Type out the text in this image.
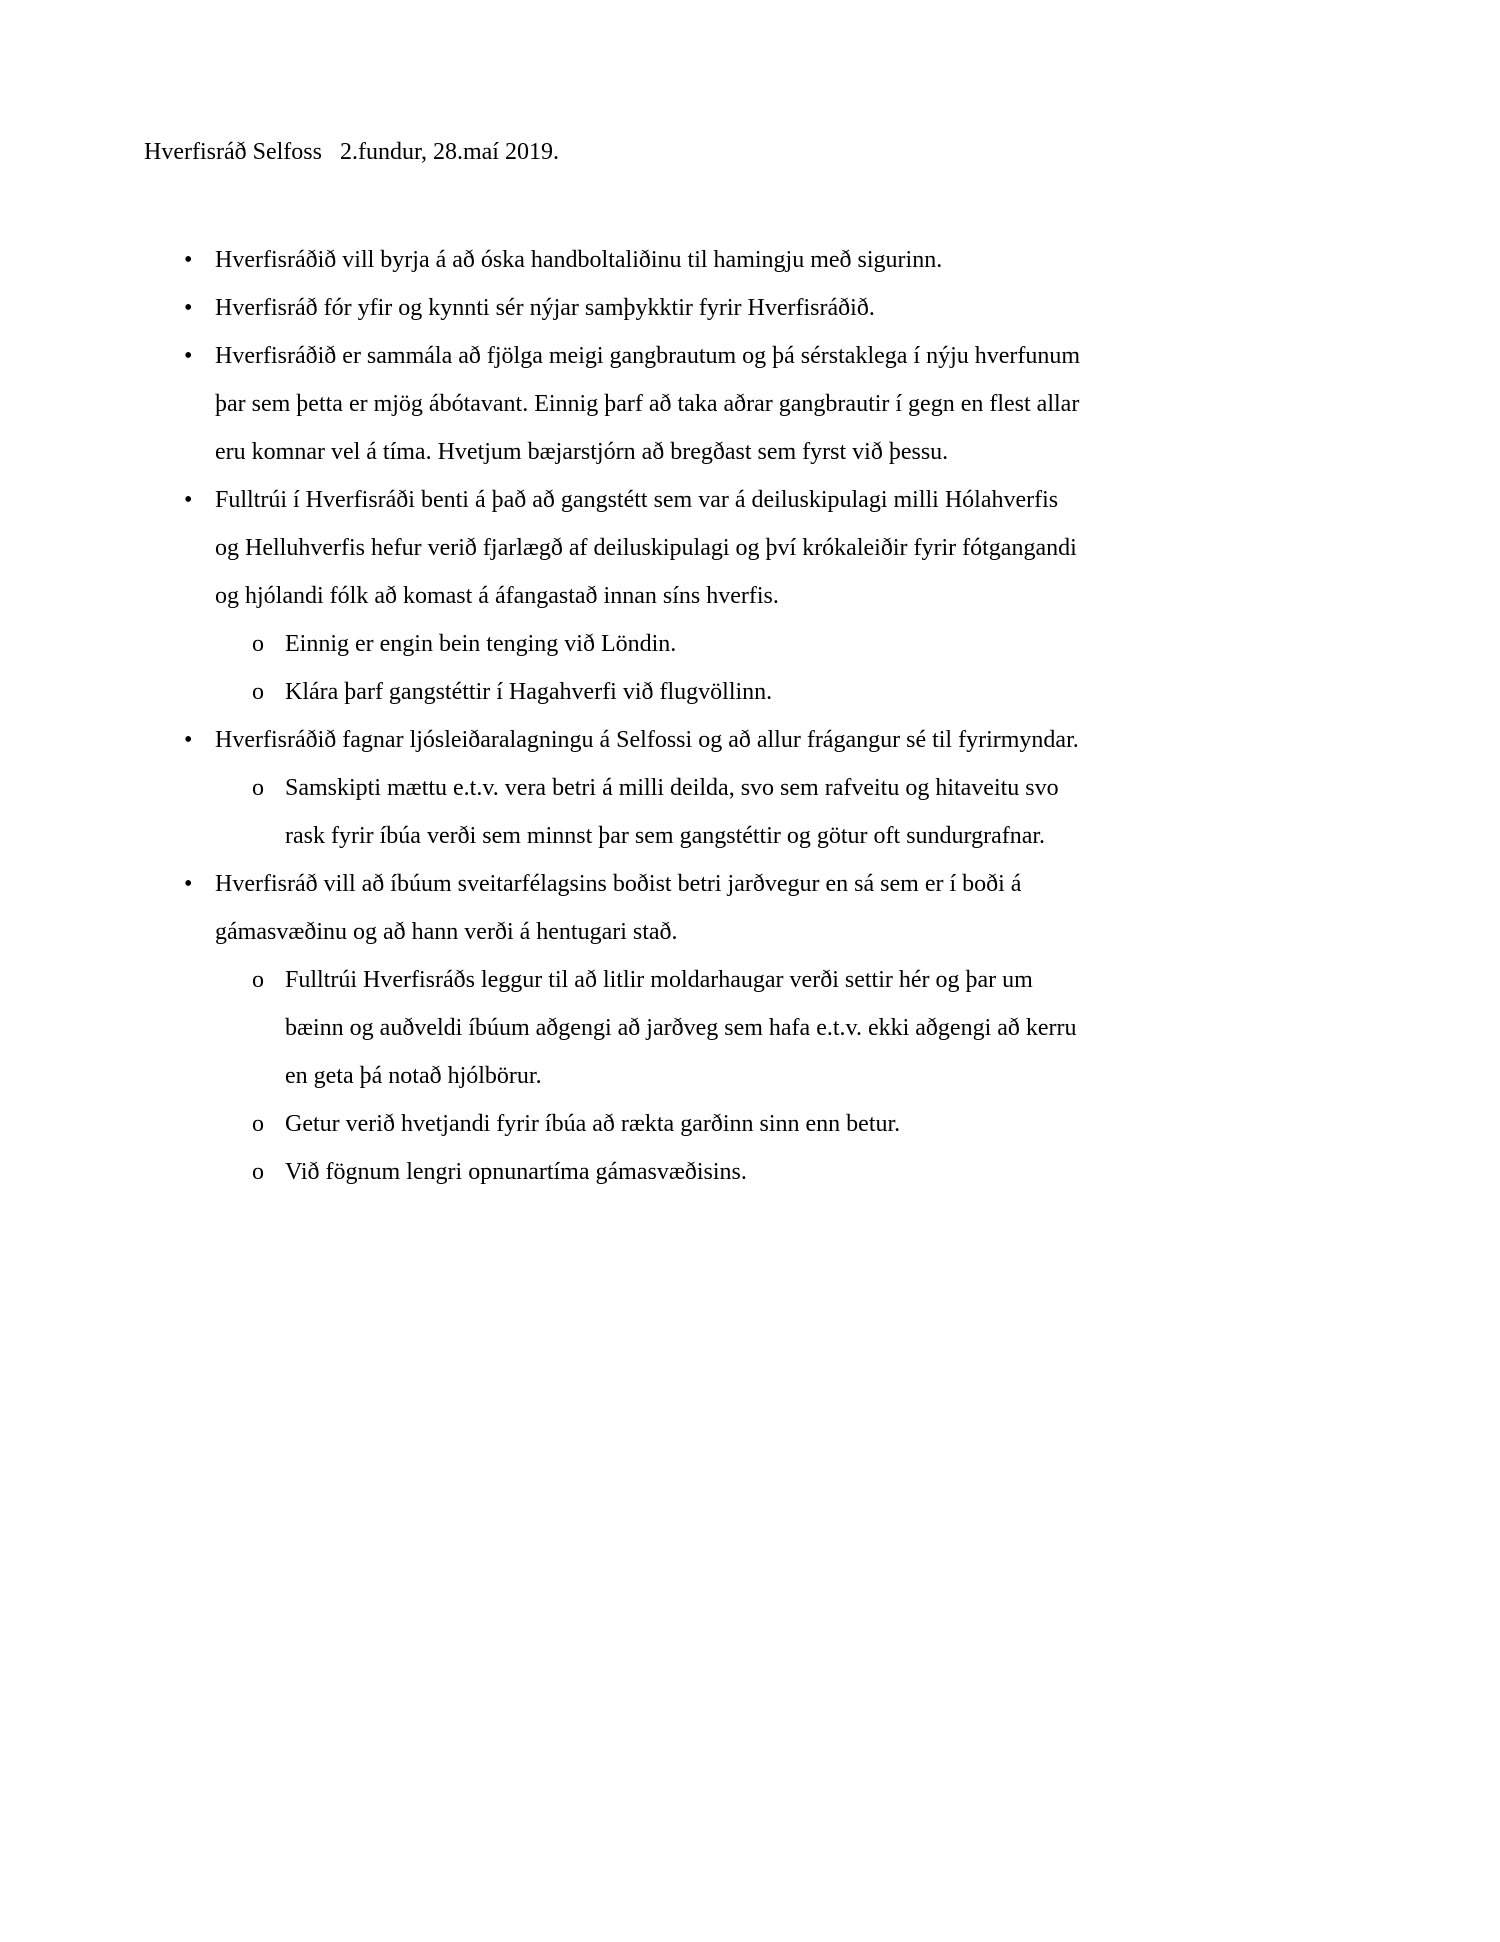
Hverfisráð Selfoss   2.fundur, 28.maí 2019.

• Hverfisráðið vill byrja á að óska handboltaliðinu til hamingju með sigurinn.
• Hverfisráð fór yfir og kynnti sér nýjar samþykktir fyrir Hverfisráðið.
• Hverfisráðið er sammála að fjölga meigi gangbrautum og þá sérstaklega í nýju hverfunum þar sem þetta er mjög ábótavant. Einnig þarf að taka aðrar gangbrautir í gegn en flest allar eru komnar vel á tíma. Hvetjum bæjarstjórn að bregðast sem fyrst við þessu.
• Fulltrúi í Hverfisráði benti á það að gangstétt sem var á deiluskipulagi milli Hólahverfis og Helluhverfis hefur verið fjarlægð af deiluskipulagi og því krókaleiðir fyrir fótgangandi og hjólandi fólk að komast á áfangastað innan síns hverfis.
o Einnig er engin bein tenging við Löndin.
o Klára þarf gangstéttir í Hagahverfi við flugvöllinn.
• Hverfisráðið fagnar ljósleiðaralagningu á Selfossi og að allur frágangur sé til fyrirmyndar.
o Samskipti mættu e.t.v. vera betri á milli deilda, svo sem rafveitu og hitaveitu svo rask fyrir íbúa verði sem minnst þar sem gangstéttir og götur oft sundurgrafnar.
• Hverfisráð vill að íbúum sveitarfélagsins boðist betri jarðvegur en sá sem er í boði á gámasvæðinu og að hann verði á hentugari stað.
o Fulltrúi Hverfisráðs leggur til að litlir moldarhaugar verði settir hér og þar um bæinn og auðveldi íbúum aðgengi að jarðveg sem hafa e.t.v. ekki aðgengi að kerru en geta þá notað hjólbörur.
o Getur verið hvetjandi fyrir íbúa að rækta garðinn sinn enn betur.
o Við fögnum lengri opnunartíma gámasvæðisins.
